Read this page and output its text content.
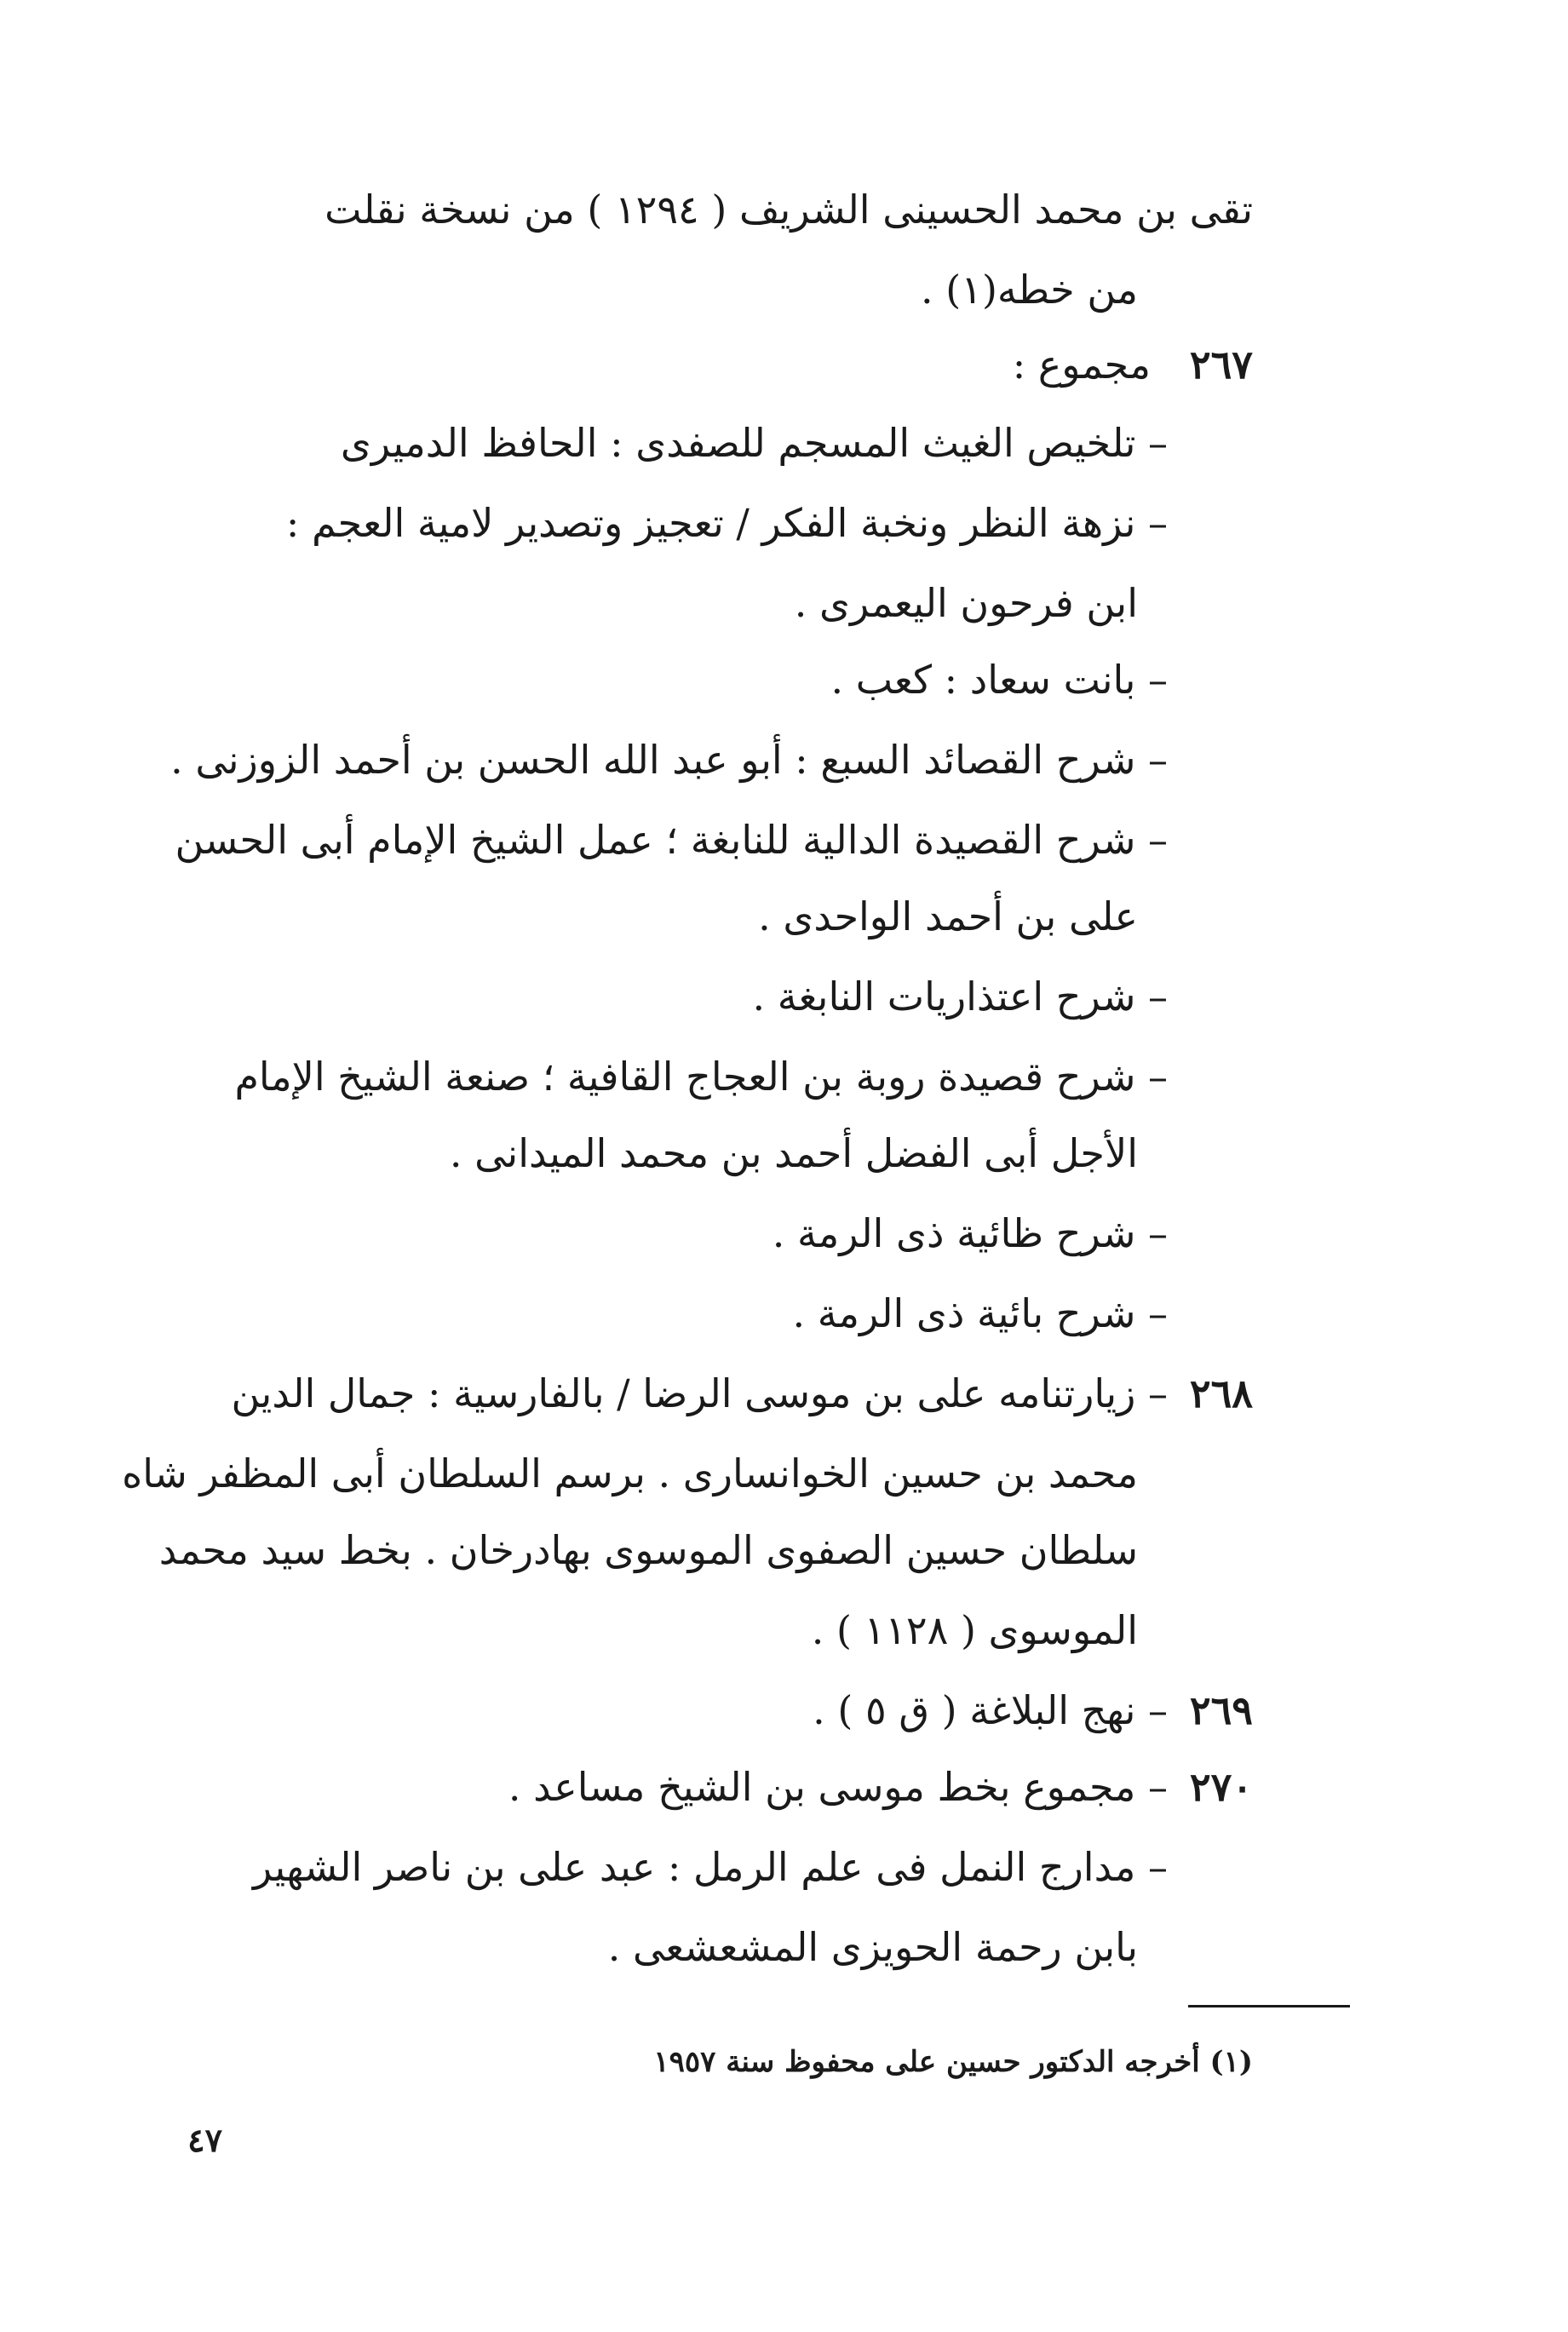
تقى بن محمد الحسينى الشريف ( ١٢٩٤ ) من نسخة نقلت
من خطه(١) .
٢٦٧
مجموع :
– تلخيص الغيث المسجم للصفدى : الحافظ الدميرى
– نزهة النظر ونخبة الفكر / تعجيز وتصدير لامية العجم :
ابن فرحون اليعمرى .
– بانت سعاد : كعب .
– شرح القصائد السبع : أبو عبد الله الحسن بن أحمد الزوزنى .
– شرح القصيدة الدالية للنابغة ؛ عمل الشيخ الإمام أبى الحسن
على بن أحمد الواحدى .
– شرح اعتذاريات النابغة .
– شرح قصيدة روبة بن العجاج القافية ؛ صنعة الشيخ الإمام
الأجل أبى الفضل أحمد بن محمد الميدانى .
– شرح ظائية ذى الرمة .
– شرح بائية ذى الرمة .
٢٦٨
– زيارتنامه على بن موسى الرضا / بالفارسية : جمال الدين
محمد بن حسين الخوانسارى . برسم السلطان أبى المظفر شاه
سلطان حسين الصفوى الموسوى بهادرخان . بخط سيد محمد
الموسوى ( ١١٢٨ ) .
٢٦٩
– نهج البلاغة ( ق ٥ ) .
٢٧٠
– مجموع بخط موسى بن الشيخ مساعد .
– مدارج النمل فى علم الرمل : عبد على بن ناصر الشهير
بابن رحمة الحويزى المشعشعى .
(١) أخرجه الدكتور حسين على محفوظ سنة ١٩٥٧
٤٧
